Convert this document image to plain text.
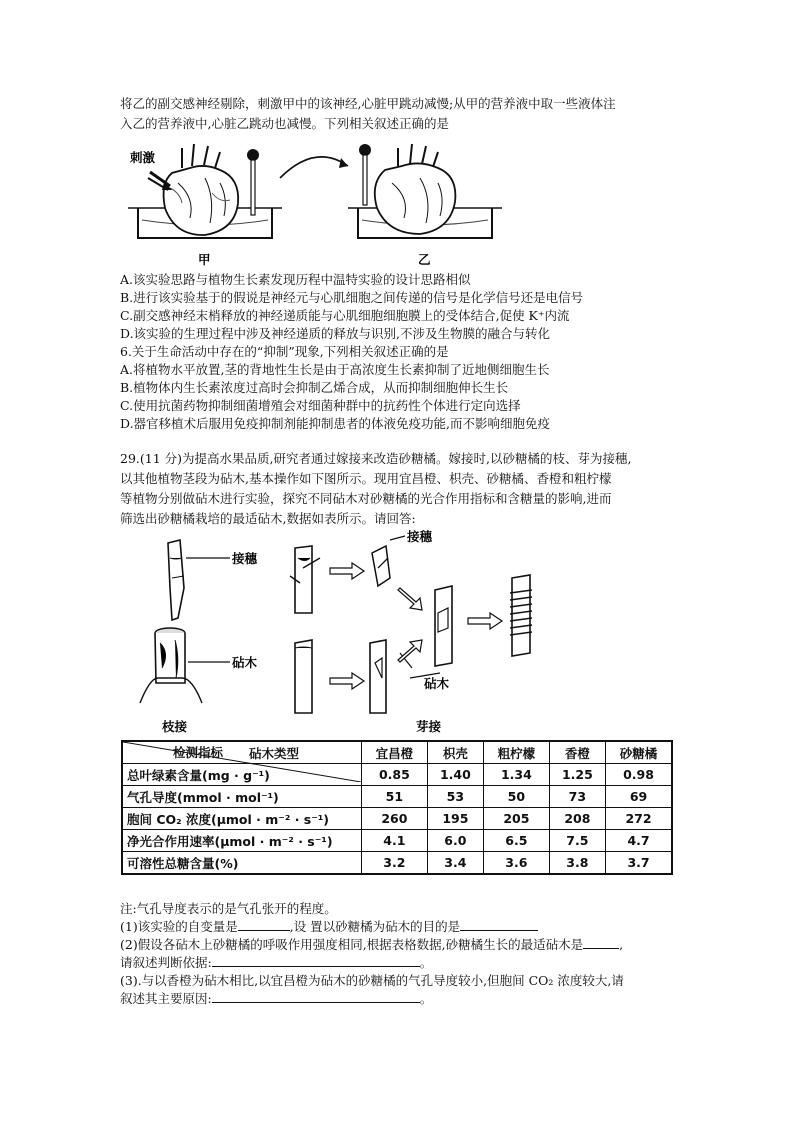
将乙的副交感神经剔除，刺激甲中的该神经,心脏甲跳动减慢;从甲的营养液中取一些液体注
入乙的营养液中,心脏乙跳动也减慢。下列相关叙述正确的是
刺激
甲	乙
A.该实验思路与植物生长素发现历程中温特实验的设计思路相似
B.进行该实验基于的假说是神经元与心肌细胞之间传递的信号是化学信号还是电信号
C.副交感神经末梢释放的神经递质能与心肌细胞细胞膜上的受体结合,促使 K⁺内流
D.该实验的生理过程中涉及神经递质的释放与识别,不涉及生物膜的融合与转化
6.关于生命活动中存在的“抑制”现象,下列相关叙述正确的是
A.将植物水平放置,茎的背地性生长是由于高浓度生长素抑制了近地侧细胞生长
B.植物体内生长素浓度过高时会抑制乙烯合成，从而抑制细胞伸长生长
C.使用抗菌药物抑制细菌增殖会对细菌种群中的抗药性个体进行定向选择
D.器官移植术后服用免疫抑制剂能抑制患者的体液免疫功能,而不影响细胞免疫
29.(11 分)为提高水果品质,研究者通过嫁接来改造砂糖橘。嫁接时,以砂糖橘的枝、芽为接穗,
以其他植物茎段为砧木,基本操作如下图所示。现用宜昌橙、枳壳、砂糖橘、香橙和粗柠檬
等植物分别做砧木进行实验，探究不同砧木对砂糖橘的光合作用指标和含糖量的影响,进而
筛选出砂糖橘栽培的最适砧木,数据如表所示。请回答:
接穗
砧木
枝接
接穗
砧木
芽接
砧木类型
检测指标	宜昌橙	枳壳	粗柠檬	香橙	砂糖橘
总叶绿素含量(mg · g⁻¹)	0.85	1.40	1.34	1.25	0.98
气孔导度(mmol · mol⁻¹)	51	53	50	73	69
胞间 CO₂ 浓度(μmol · m⁻² · s⁻¹)	260	195	205	208	272
净光合作用速率(μmol · m⁻² · s⁻¹)	4.1	6.0	6.5	7.5	4.7
可溶性总糖含量(%)	3.2	3.4	3.6	3.8	3.7
注:气孔导度表示的是气孔张开的程度。
(1)该实验的自变量是	,设 置以砂糖橘为砧木的目的是
(2)假设各砧木上砂糖橘的呼吸作用强度相同,根据表格数据,砂糖橘生长的最适砧木是	,
请叙述判断依据:	。
(3).与以香橙为砧木相比,以宜昌橙为砧木的砂糖橘的气孔导度较小,但胞间 CO₂ 浓度较大,请
叙述其主要原因:	。
